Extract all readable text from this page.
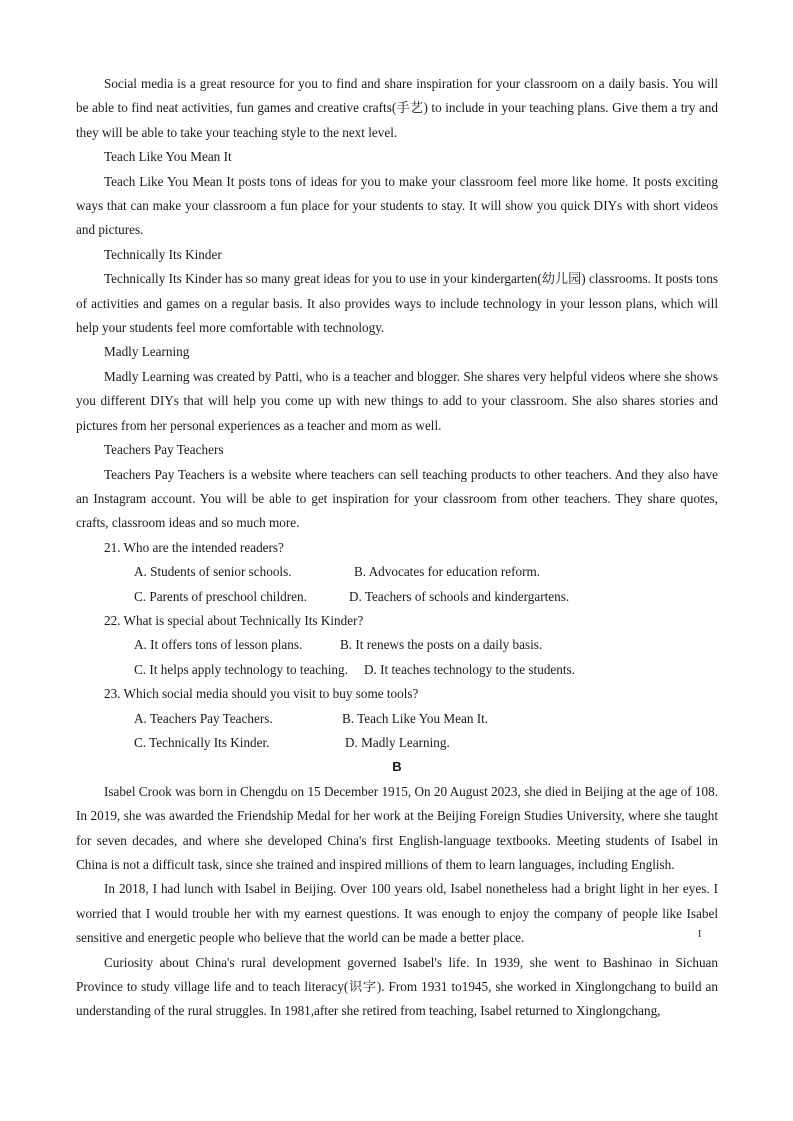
Social media is a great resource for you to find and share inspiration for your classroom on a daily basis. You will be able to find neat activities, fun games and creative crafts(手艺) to include in your teaching plans. Give them a try and they will be able to take your teaching style to the next level.

Teach Like You Mean It

Teach Like You Mean It posts tons of ideas for you to make your classroom feel more like home. It posts exciting ways that can make your classroom a fun place for your students to stay. It will show you quick DIYs with short videos and pictures.

Technically Its Kinder

Technically Its Kinder has so many great ideas for you to use in your kindergarten(幼儿园) classrooms. It posts tons of activities and games on a regular basis. It also provides ways to include technology in your lesson plans, which will help your students feel more comfortable with technology.

Madly Learning

Madly Learning was created by Patti, who is a teacher and blogger. She shares very helpful videos where she shows you different DIYs that will help you come up with new things to add to your classroom. She also shares stories and pictures from her personal experiences as a teacher and mom as well.

Teachers Pay Teachers

Teachers Pay Teachers is a website where teachers can sell teaching products to other teachers. And they also have an Instagram account. You will be able to get inspiration for your classroom from other teachers. They share quotes, crafts, classroom ideas and so much more.

21. Who are the intended readers?

A. Students of senior schools.	B. Advocates for education reform.

C. Parents of preschool children.	D. Teachers of schools and kindergartens.

22. What is special about Technically Its Kinder?

A. It offers tons of lesson plans.	B. It renews the posts on a daily basis.

C. It helps apply technology to teaching. D. It teaches technology to the students.

23. Which social media should you visit to buy some tools?

A. Teachers Pay Teachers.	B. Teach Like You Mean It.

C. Technically Its Kinder.	D. Madly Learning.

B

Isabel Crook was born in Chengdu on 15 December 1915, On 20 August 2023, she died in Beijing at the age of 108. In 2019, she was awarded the Friendship Medal for her work at the Beijing Foreign Studies University, where she taught for seven decades, and where she developed China's first English-language textbooks. Meeting students of Isabel in China is not a difficult task, since she trained and inspired millions of them to learn languages, including English.

In 2018, I had lunch with Isabel in Beijing. Over 100 years old, Isabel nonetheless had a bright light in her eyes. I worried that I would trouble her with my earnest questions. It was enough to enjoy the company of people like Isabel sensitive and energetic people who believe that the world can be made a better place.

Curiosity about China's rural development governed Isabel's life. In 1939, she went to Bashinao in Sichuan Province to study village life and to teach literacy(识字). From 1931 to1945, she worked in Xinglongchang to build an understanding of the rural struggles. In 1981,after she retired from teaching, Isabel returned to Xinglongchang,

I
